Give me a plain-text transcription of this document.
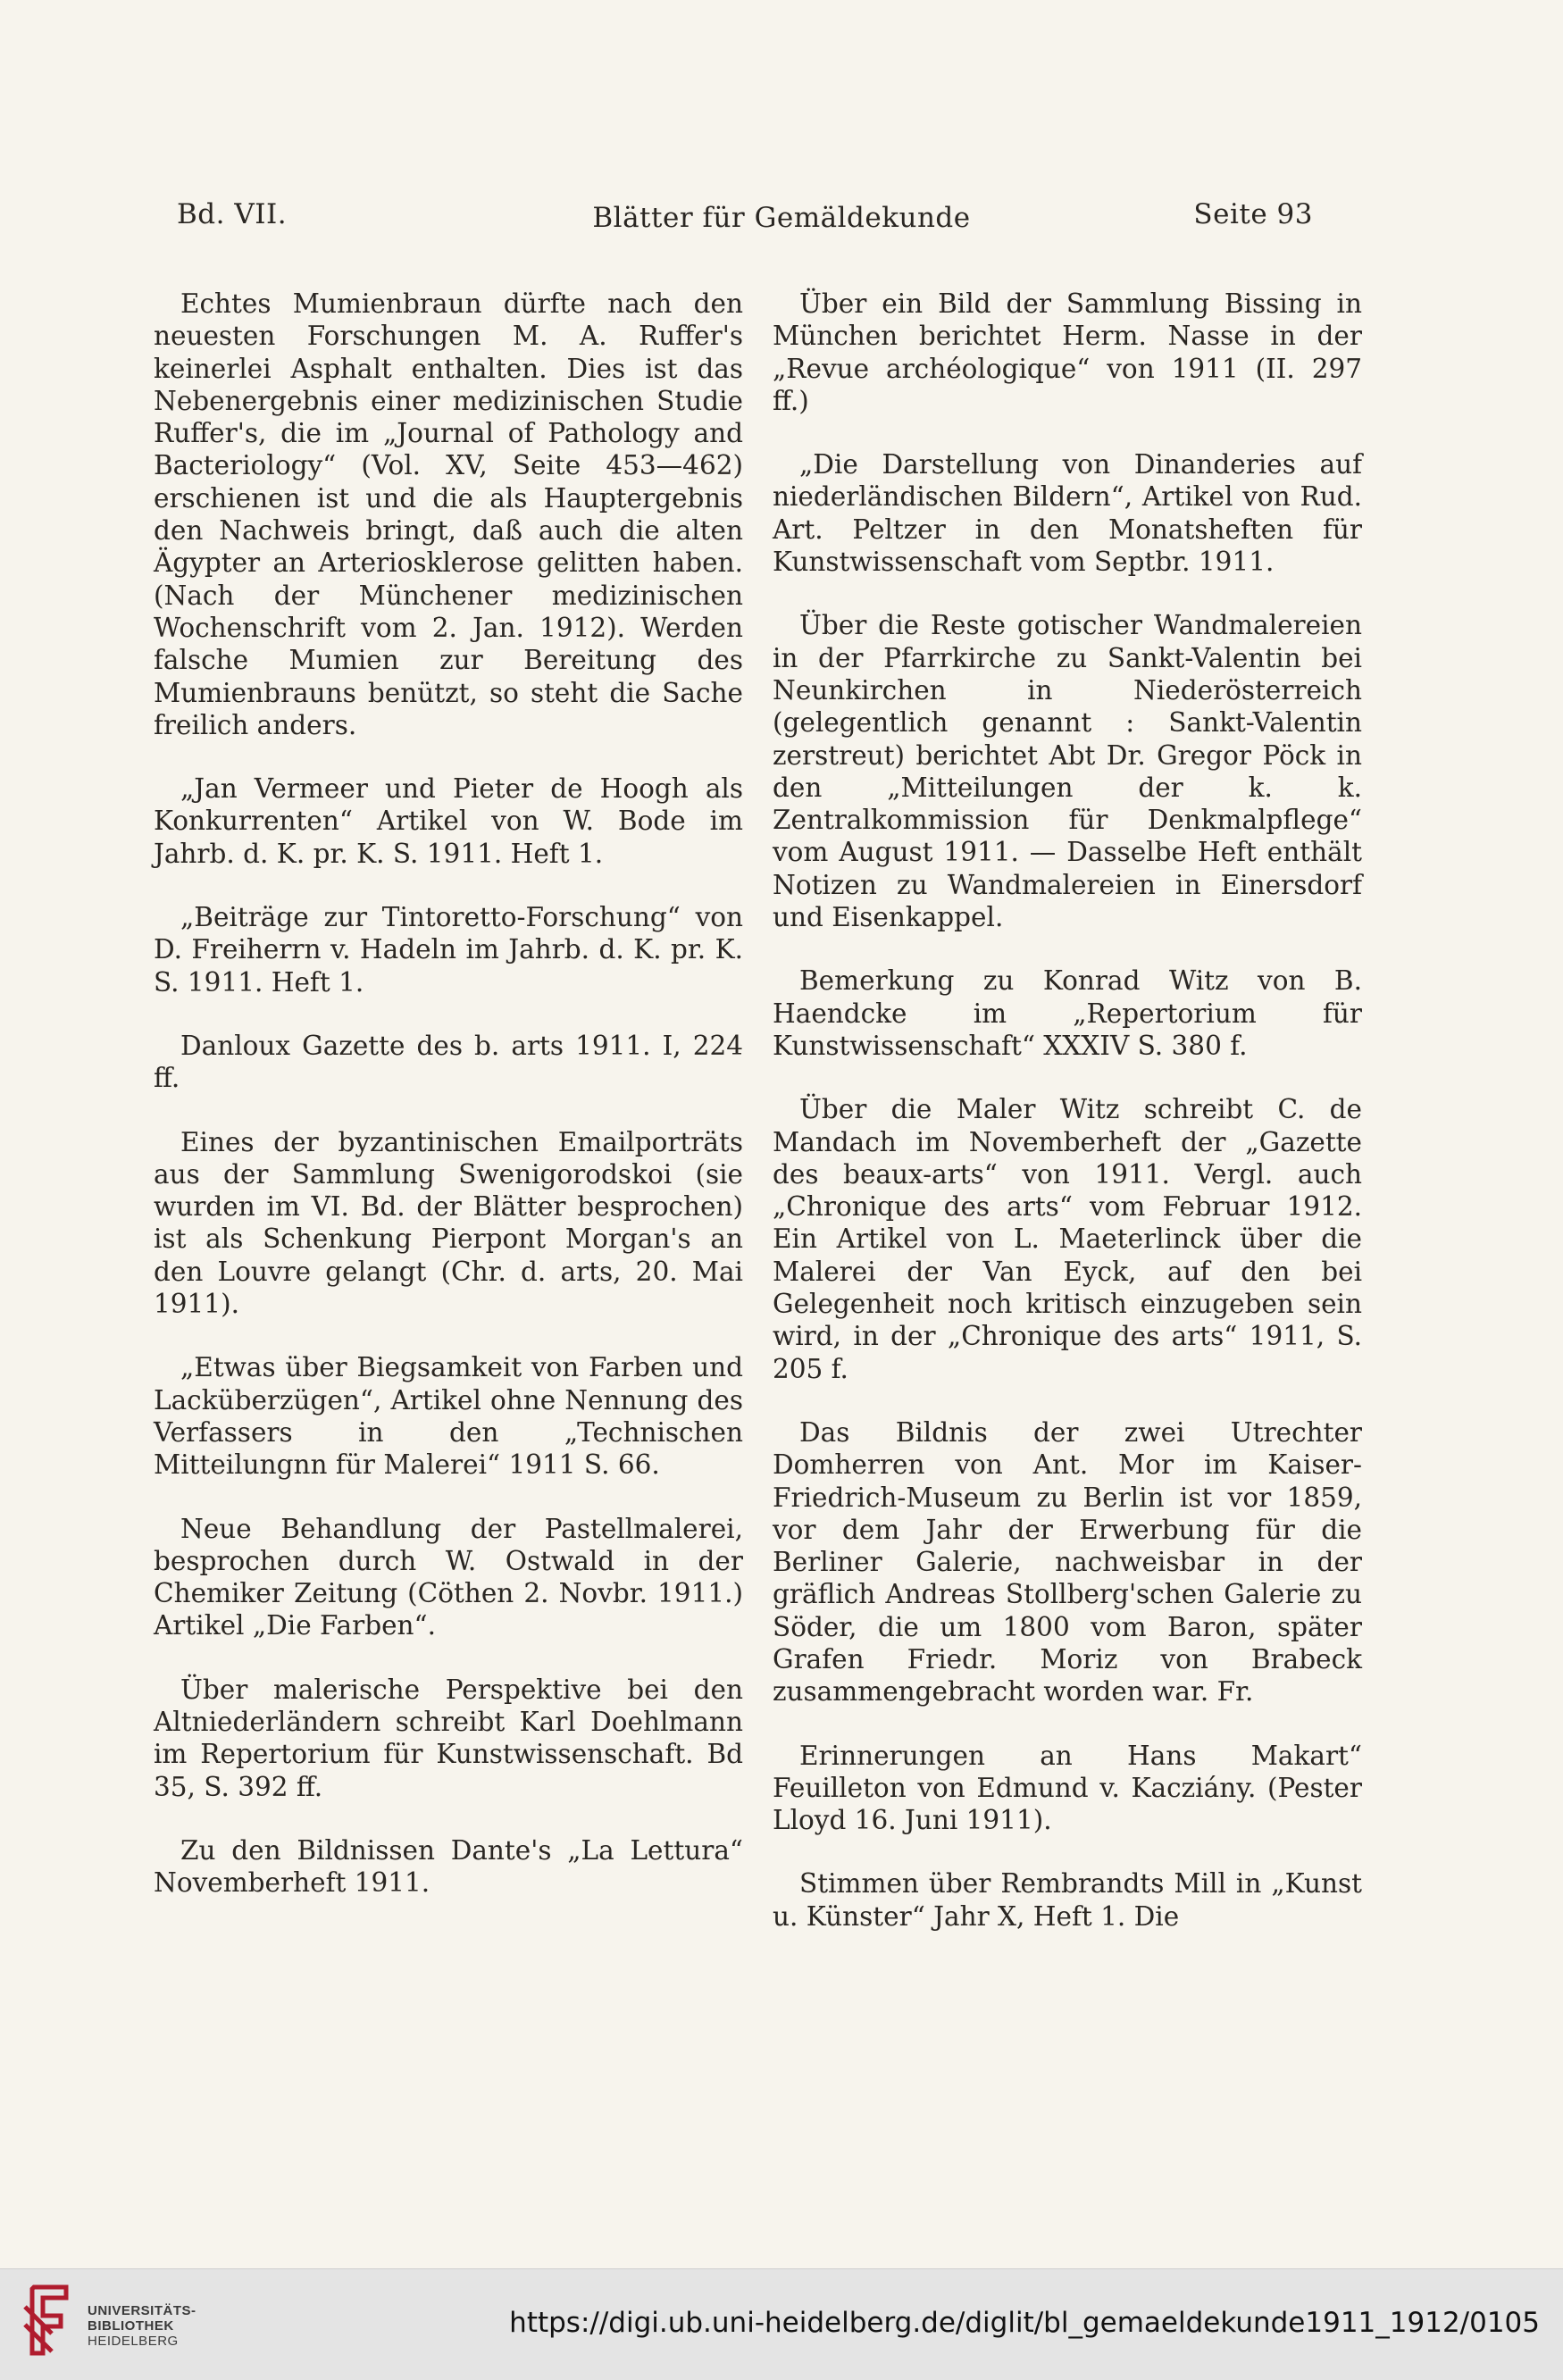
Bd. VII.	Blätter für Gemäldekunde	Seite 93

Echtes Mumienbraun dürfte nach den neuesten Forschungen M. A. Ruffer's keinerlei Asphalt enthalten. Dies ist das Nebenergebnis einer medizinischen Studie Ruffer's, die im „Journal of Pathology and Bacteriology“ (Vol. XV, Seite 453—462) erschienen ist und die als Hauptergebnis den Nachweis bringt, daß auch die alten Ägypter an Arteriosklerose gelitten haben. (Nach der Münchener medizinischen Wochenschrift vom 2. Jan. 1912). Werden falsche Mumien zur Bereitung des Mumienbrauns benützt, so steht die Sache freilich anders.

„Jan Vermeer und Pieter de Hoogh als Konkurrenten“ Artikel von W. Bode im Jahrb. d. K. pr. K. S. 1911. Heft 1.

„Beiträge zur Tintoretto-Forschung“ von D. Freiherrn v. Hadeln im Jahrb. d. K. pr. K. S. 1911. Heft 1.

Danloux Gazette des b. arts 1911. I, 224 ff.

Eines der byzantinischen Emailporträts aus der Sammlung Swenigorodskoi (sie wurden im VI. Bd. der Blätter besprochen) ist als Schenkung Pierpont Morgan's an den Louvre gelangt (Chr. d. arts, 20. Mai 1911).

„Etwas über Biegsamkeit von Farben und Lacküberzügen“, Artikel ohne Nennung des Verfassers in den „Technischen Mitteilungnn für Malerei“ 1911 S. 66.

Neue Behandlung der Pastellmalerei, besprochen durch W. Ostwald in der Chemiker Zeitung (Cöthen 2. Novbr. 1911.) Artikel „Die Farben“.

Über malerische Perspektive bei den Altniederländern schreibt Karl Doehlmann im Repertorium für Kunstwissenschaft. Bd 35, S. 392 ff.

Zu den Bildnissen Dante's „La Lettura“ Novemberheft 1911.

Über ein Bild der Sammlung Bissing in München berichtet Herm. Nasse in der „Revue archéologique“ von 1911 (II. 297 ff.)

„Die Darstellung von Dinanderies auf niederländischen Bildern“, Artikel von Rud. Art. Peltzer in den Monatsheften für Kunstwissenschaft vom Septbr. 1911.

Über die Reste gotischer Wandmalereien in der Pfarrkirche zu Sankt-Valentin bei Neunkirchen in Niederösterreich (gelegentlich genannt : Sankt-Valentin zerstreut) berichtet Abt Dr. Gregor Pöck in den „Mitteilungen der k. k. Zentralkommission für Denkmalpflege“ vom August 1911. — Dasselbe Heft enthält Notizen zu Wandmalereien in Einersdorf und Eisenkappel.

Bemerkung zu Konrad Witz von B. Haendcke im „Repertorium für Kunstwissenschaft“ XXXIV S. 380 f.

Über die Maler Witz schreibt C. de Mandach im Novemberheft der „Gazette des beaux-arts“ von 1911. Vergl. auch „Chronique des arts“ vom Februar 1912. Ein Artikel von L. Maeterlinck über die Malerei der Van Eyck, auf den bei Gelegenheit noch kritisch einzugeben sein wird, in der „Chronique des arts“ 1911, S. 205 f.

Das Bildnis der zwei Utrechter Domherren von Ant. Mor im Kaiser-Friedrich-Museum zu Berlin ist vor 1859, vor dem Jahr der Erwerbung für die Berliner Galerie, nachweisbar in der gräflich Andreas Stollberg'schen Galerie zu Söder, die um 1800 vom Baron, später Grafen Friedr. Moriz von Brabeck zusammengebracht worden war. Fr.

Erinnerungen an Hans Makart“ Feuilleton von Edmund v. Kacziány. (Pester Lloyd 16. Juni 1911).

Stimmen über Rembrandts Mill in „Kunst u. Künster“ Jahr X, Heft 1. Die

UNIVERSITÄTS-
BIBLIOTHEK
HEIDELBERG
https://digi.ub.uni-heidelberg.de/diglit/bl_gemaeldekunde1911_1912/0105
